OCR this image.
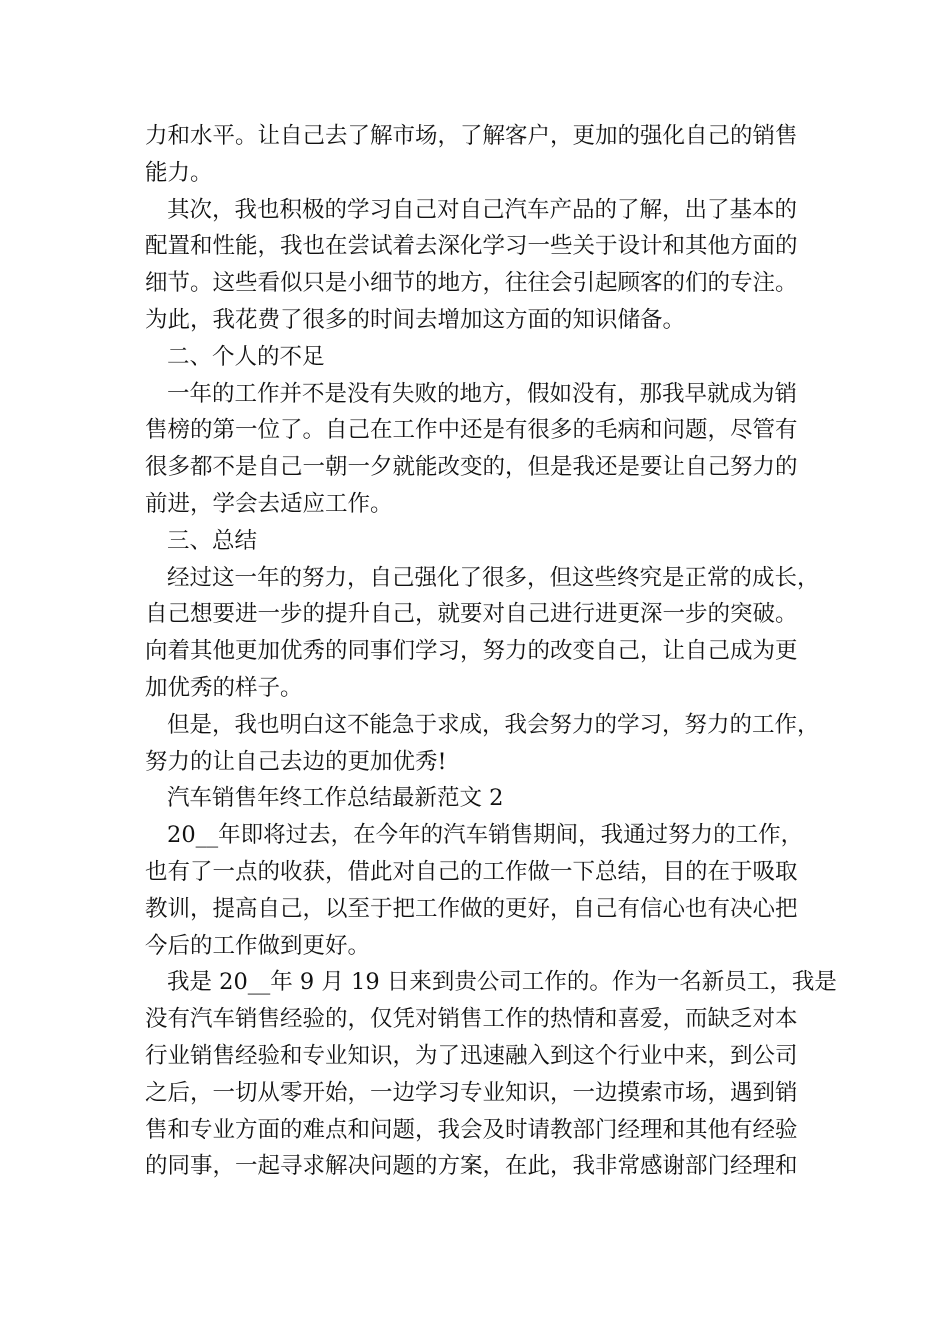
力和水平。让自己去了解市场，了解客户，更加的强化自己的销售
能力。
其次，我也积极的学习自己对自己汽车产品的了解，出了基本的
配置和性能，我也在尝试着去深化学习一些关于设计和其他方面的
细节。这些看似只是小细节的地方，往往会引起顾客的们的专注。
为此，我花费了很多的时间去增加这方面的知识储备。
二、个人的不足
一年的工作并不是没有失败的地方，假如没有，那我早就成为销
售榜的第一位了。自己在工作中还是有很多的毛病和问题，尽管有
很多都不是自己一朝一夕就能改变的，但是我还是要让自己努力的
前进，学会去适应工作。
三、总结
经过这一年的努力，自己强化了很多，但这些终究是正常的成长，
自己想要进一步的提升自己，就要对自己进行进更深一步的突破。
向着其他更加优秀的同事们学习，努力的改变自己，让自己成为更
加优秀的样子。
但是，我也明白这不能急于求成，我会努力的学习，努力的工作，
努力的让自己去边的更加优秀!
汽车销售年终工作总结最新范文 2
20__年即将过去，在今年的汽车销售期间，我通过努力的工作，
也有了一点的收获，借此对自己的工作做一下总结，目的在于吸取
教训，提高自己，以至于把工作做的更好，自己有信心也有决心把
今后的工作做到更好。
我是 20__年 9 月 19 日来到贵公司工作的。作为一名新员工，我是
没有汽车销售经验的，仅凭对销售工作的热情和喜爱，而缺乏对本
行业销售经验和专业知识，为了迅速融入到这个行业中来，到公司
之后，一切从零开始，一边学习专业知识，一边摸索市场，遇到销
售和专业方面的难点和问题，我会及时请教部门经理和其他有经验
的同事，一起寻求解决问题的方案，在此，我非常感谢部门经理和
